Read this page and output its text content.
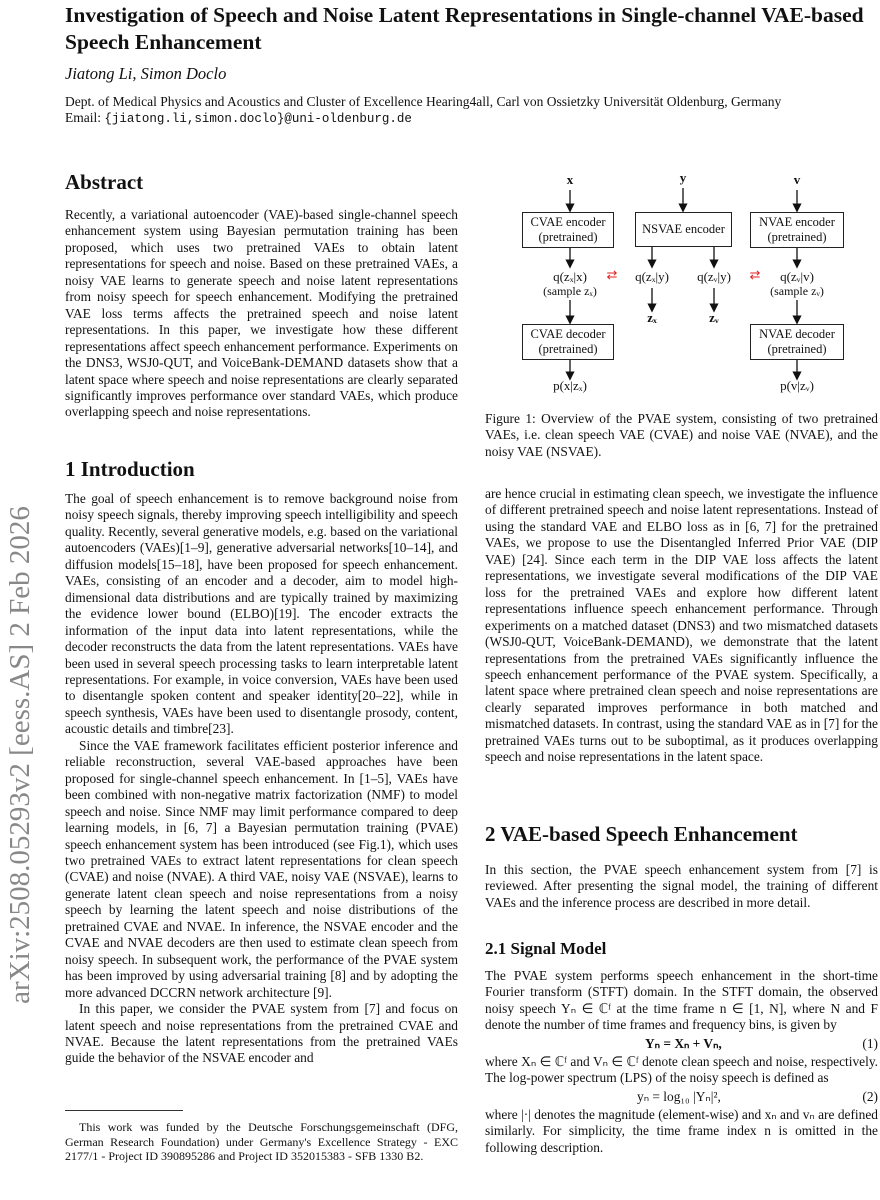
arXiv:2508.05293v2 [eess.AS] 2 Feb 2026
Investigation of Speech and Noise Latent Representations in Single-channel VAE-based Speech Enhancement
Jiatong Li, Simon Doclo
Dept. of Medical Physics and Acoustics and Cluster of Excellence Hearing4all, Carl von Ossietzky Universität Oldenburg, Germany
Email: {jiatong.li,simon.doclo}@uni-oldenburg.de
Abstract
Recently, a variational autoencoder (VAE)-based single-channel speech enhancement system using Bayesian permutation training has been proposed, which uses two pretrained VAEs to obtain latent representations for speech and noise. Based on these pretrained VAEs, a noisy VAE learns to generate speech and noise latent representations from noisy speech for speech enhancement. Modifying the pretrained VAE loss terms affects the pretrained speech and noise latent representations. In this paper, we investigate how these different representations affect speech enhancement performance. Experiments on the DNS3, WSJ0-QUT, and VoiceBank-DEMAND datasets show that a latent space where speech and noise representations are clearly separated significantly improves performance over standard VAEs, which produce overlapping speech and noise representations.
1 Introduction

The goal of speech enhancement is to remove background noise from noisy speech signals, thereby improving speech intelligibility and speech quality. Recently, several generative models, e.g. based on the variational autoencoders (VAEs)[1–9], generative adversarial networks[10–14], and diffusion models[15–18], have been proposed for speech enhancement. VAEs, consisting of an encoder and a decoder, aim to model high-dimensional data distributions and are typically trained by maximizing the evidence lower bound (ELBO)[19]. The encoder extracts the information of the input data into latent representations, while the decoder reconstructs the data from the latent representations. VAEs have been used in several speech processing tasks to learn interpretable latent representations. For example, in voice conversion, VAEs have been used to disentangle spoken content and speaker identity[20–22], while in speech synthesis, VAEs have been used to disentangle prosody, content, acoustic details and timbre[23].

Since the VAE framework facilitates efficient posterior inference and reliable reconstruction, several VAE-based approaches have been proposed for single-channel speech enhancement. In [1–5], VAEs have been combined with non-negative matrix factorization (NMF) to model speech and noise. Since NMF may limit performance compared to deep learning models, in [6, 7] a Bayesian permutation training (PVAE) speech enhancement system has been introduced (see Fig.1), which uses two pretrained VAEs to extract latent representations for clean speech (CVAE) and noise (NVAE). A third VAE, noisy VAE (NSVAE), learns to generate latent clean speech and noise representations from a noisy speech by learning the latent speech and noise distributions of the pretrained CVAE and NVAE. In inference, the NSVAE encoder and the CVAE and NVAE decoders are then used to estimate clean speech from noisy speech. In subsequent work, the performance of the PVAE system has been improved by using adversarial training [8] and by adopting the more advanced DCCRN network architecture [9].

In this paper, we consider the PVAE system from [7] and focus on latent speech and noise representations from the pretrained CVAE and NVAE. Because the latent representations from the pretrained VAEs guide the behavior of the NSVAE encoder and

This work was funded by the Deutsche Forschungsgemeinschaft (DFG, German Research Foundation) under Germany's Excellence Strategy - EXC 2177/1 - Project ID 390895286 and Project ID 352015383 - SFB 1330 B2.
x	y	v
CVAE encoder
(pretrained)
NSVAE encoder	NVAE encoder
(pretrained)
q(zₓ|x)
(sample zₓ)
⇄ q(zₓ|y) q(zᵥ|y) ⇄ q(zᵥ|v)
(sample zᵥ)
zₓ	zᵥ
CVAE decoder
(pretrained)
NVAE decoder
(pretrained)
p(x|zₓ)	p(v|zᵥ)
Figure 1: Overview of the PVAE system, consisting of two pretrained VAEs, i.e. clean speech VAE (CVAE) and noise VAE (NVAE), and the noisy VAE (NSVAE).
are hence crucial in estimating clean speech, we investigate the influence of different pretrained speech and noise latent representations. Instead of using the standard VAE and ELBO loss as in [6, 7] for the pretrained VAEs, we propose to use the Disentangled Inferred Prior VAE (DIP VAE) [24]. Since each term in the DIP VAE loss affects the latent representations, we investigate several modifications of the DIP VAE loss for the pretrained VAEs and explore how different latent representations influence speech enhancement performance. Through experiments on a matched dataset (DNS3) and two mismatched datasets (WSJ0-QUT, VoiceBank-DEMAND), we demonstrate that the latent representations from the pretrained VAEs significantly influence the speech enhancement performance of the PVAE system. Specifically, a latent space where pretrained clean speech and noise representations are clearly separated improves performance in both matched and mismatched datasets. In contrast, using the standard VAE as in [7] for the pretrained VAEs turns out to be suboptimal, as it produces overlapping speech and noise representations in the latent space.
2 VAE-based Speech Enhancement
In this section, the PVAE speech enhancement system from [7] is reviewed. After presenting the signal model, the training of different VAEs and the inference process are described in more detail.
2.1 Signal Model

The PVAE system performs speech enhancement in the short-time Fourier transform (STFT) domain. In the STFT domain, the observed noisy speech Yₙ ∈ ℂᶠ at the time frame n ∈ [1, N], where N and F denote the number of time frames and frequency bins, is given by

Yₙ = Xₙ + Vₙ,	(1)

where Xₙ ∈ ℂᶠ and Vₙ ∈ ℂᶠ denote clean speech and noise, respectively. The log-power spectrum (LPS) of the noisy speech is defined as

yₙ = log₁₀ |Yₙ|²,	(2)

where |·| denotes the magnitude (element-wise) and xₙ and vₙ are defined similarly. For simplicity, the time frame index n is omitted in the following description.
